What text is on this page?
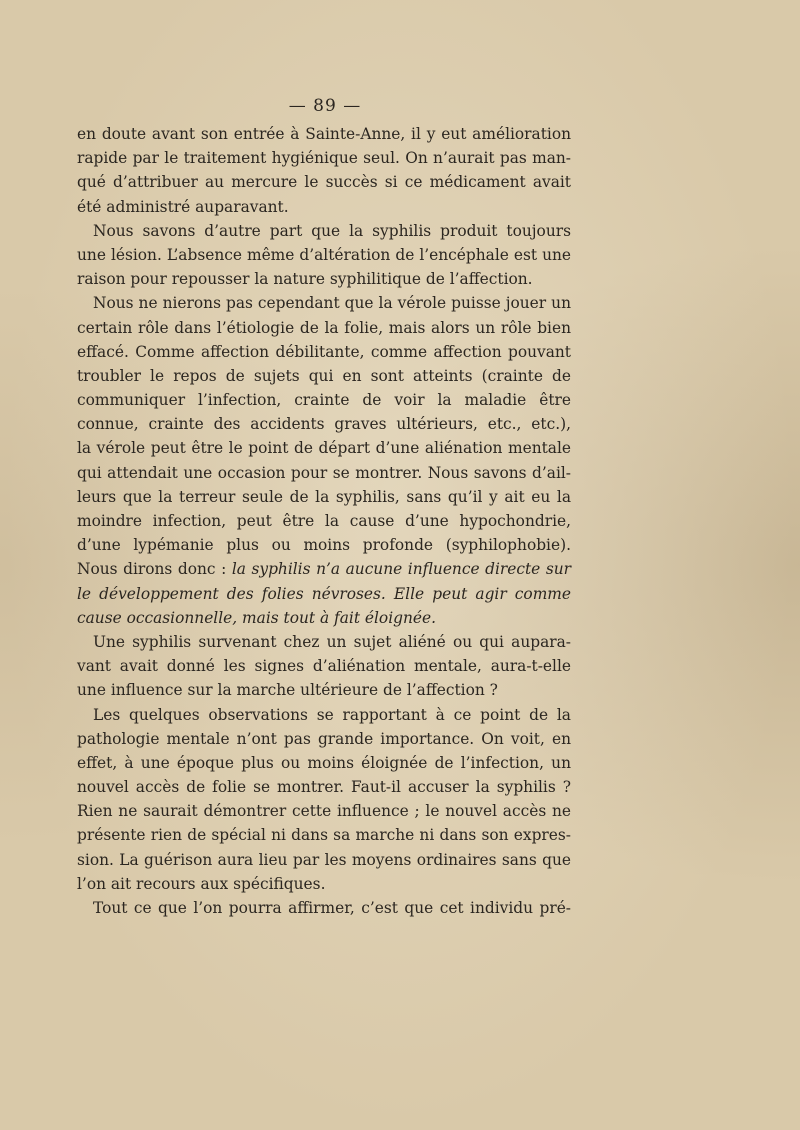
— 89 —
en doute avant son entrée à Sainte-Anne, il y eut amélioration
rapide par le traitement hygiénique seul. On n’aurait pas man-
qué d’attribuer au mercure le succès si ce médicament avait
été administré auparavant.
Nous savons d’autre part que la syphilis produit toujours
une lésion. L’absence même d’altération de l’encéphale est une
raison pour repousser la nature syphilitique de l’affection.
Nous ne nierons pas cependant que la vérole puisse jouer un
certain rôle dans l’étiologie de la folie, mais alors un rôle bien
effacé. Comme affection débilitante, comme affection pouvant
troubler le repos de sujets qui en sont atteints (crainte de
communiquer l’infection, crainte de voir la maladie être
connue, crainte des accidents graves ultérieurs, etc., etc.),
la vérole peut être le point de départ d’une aliénation mentale
qui attendait une occasion pour se montrer. Nous savons d’ail-
leurs que la terreur seule de la syphilis, sans qu’il y ait eu la
moindre infection, peut être la cause d’une hypochondrie,
d’une lypémanie plus ou moins profonde (syphilophobie).
Nous dirons donc : la syphilis n’a aucune influence directe sur
le développement des folies névroses. Elle peut agir comme
cause occasionnelle, mais tout à fait éloignée.
Une syphilis survenant chez un sujet aliéné ou qui aupara-
vant avait donné les signes d’aliénation mentale, aura-t-elle
une influence sur la marche ultérieure de l’affection ?
Les quelques observations se rapportant à ce point de la
pathologie mentale n’ont pas grande importance. On voit, en
effet, à une époque plus ou moins éloignée de l’infection, un
nouvel accès de folie se montrer. Faut-il accuser la syphilis ?
Rien ne saurait démontrer cette influence ; le nouvel accès ne
présente rien de spécial ni dans sa marche ni dans son expres-
sion. La guérison aura lieu par les moyens ordinaires sans que
l’on ait recours aux spécifiques.
Tout ce que l’on pourra affirmer, c’est que cet individu pré-
